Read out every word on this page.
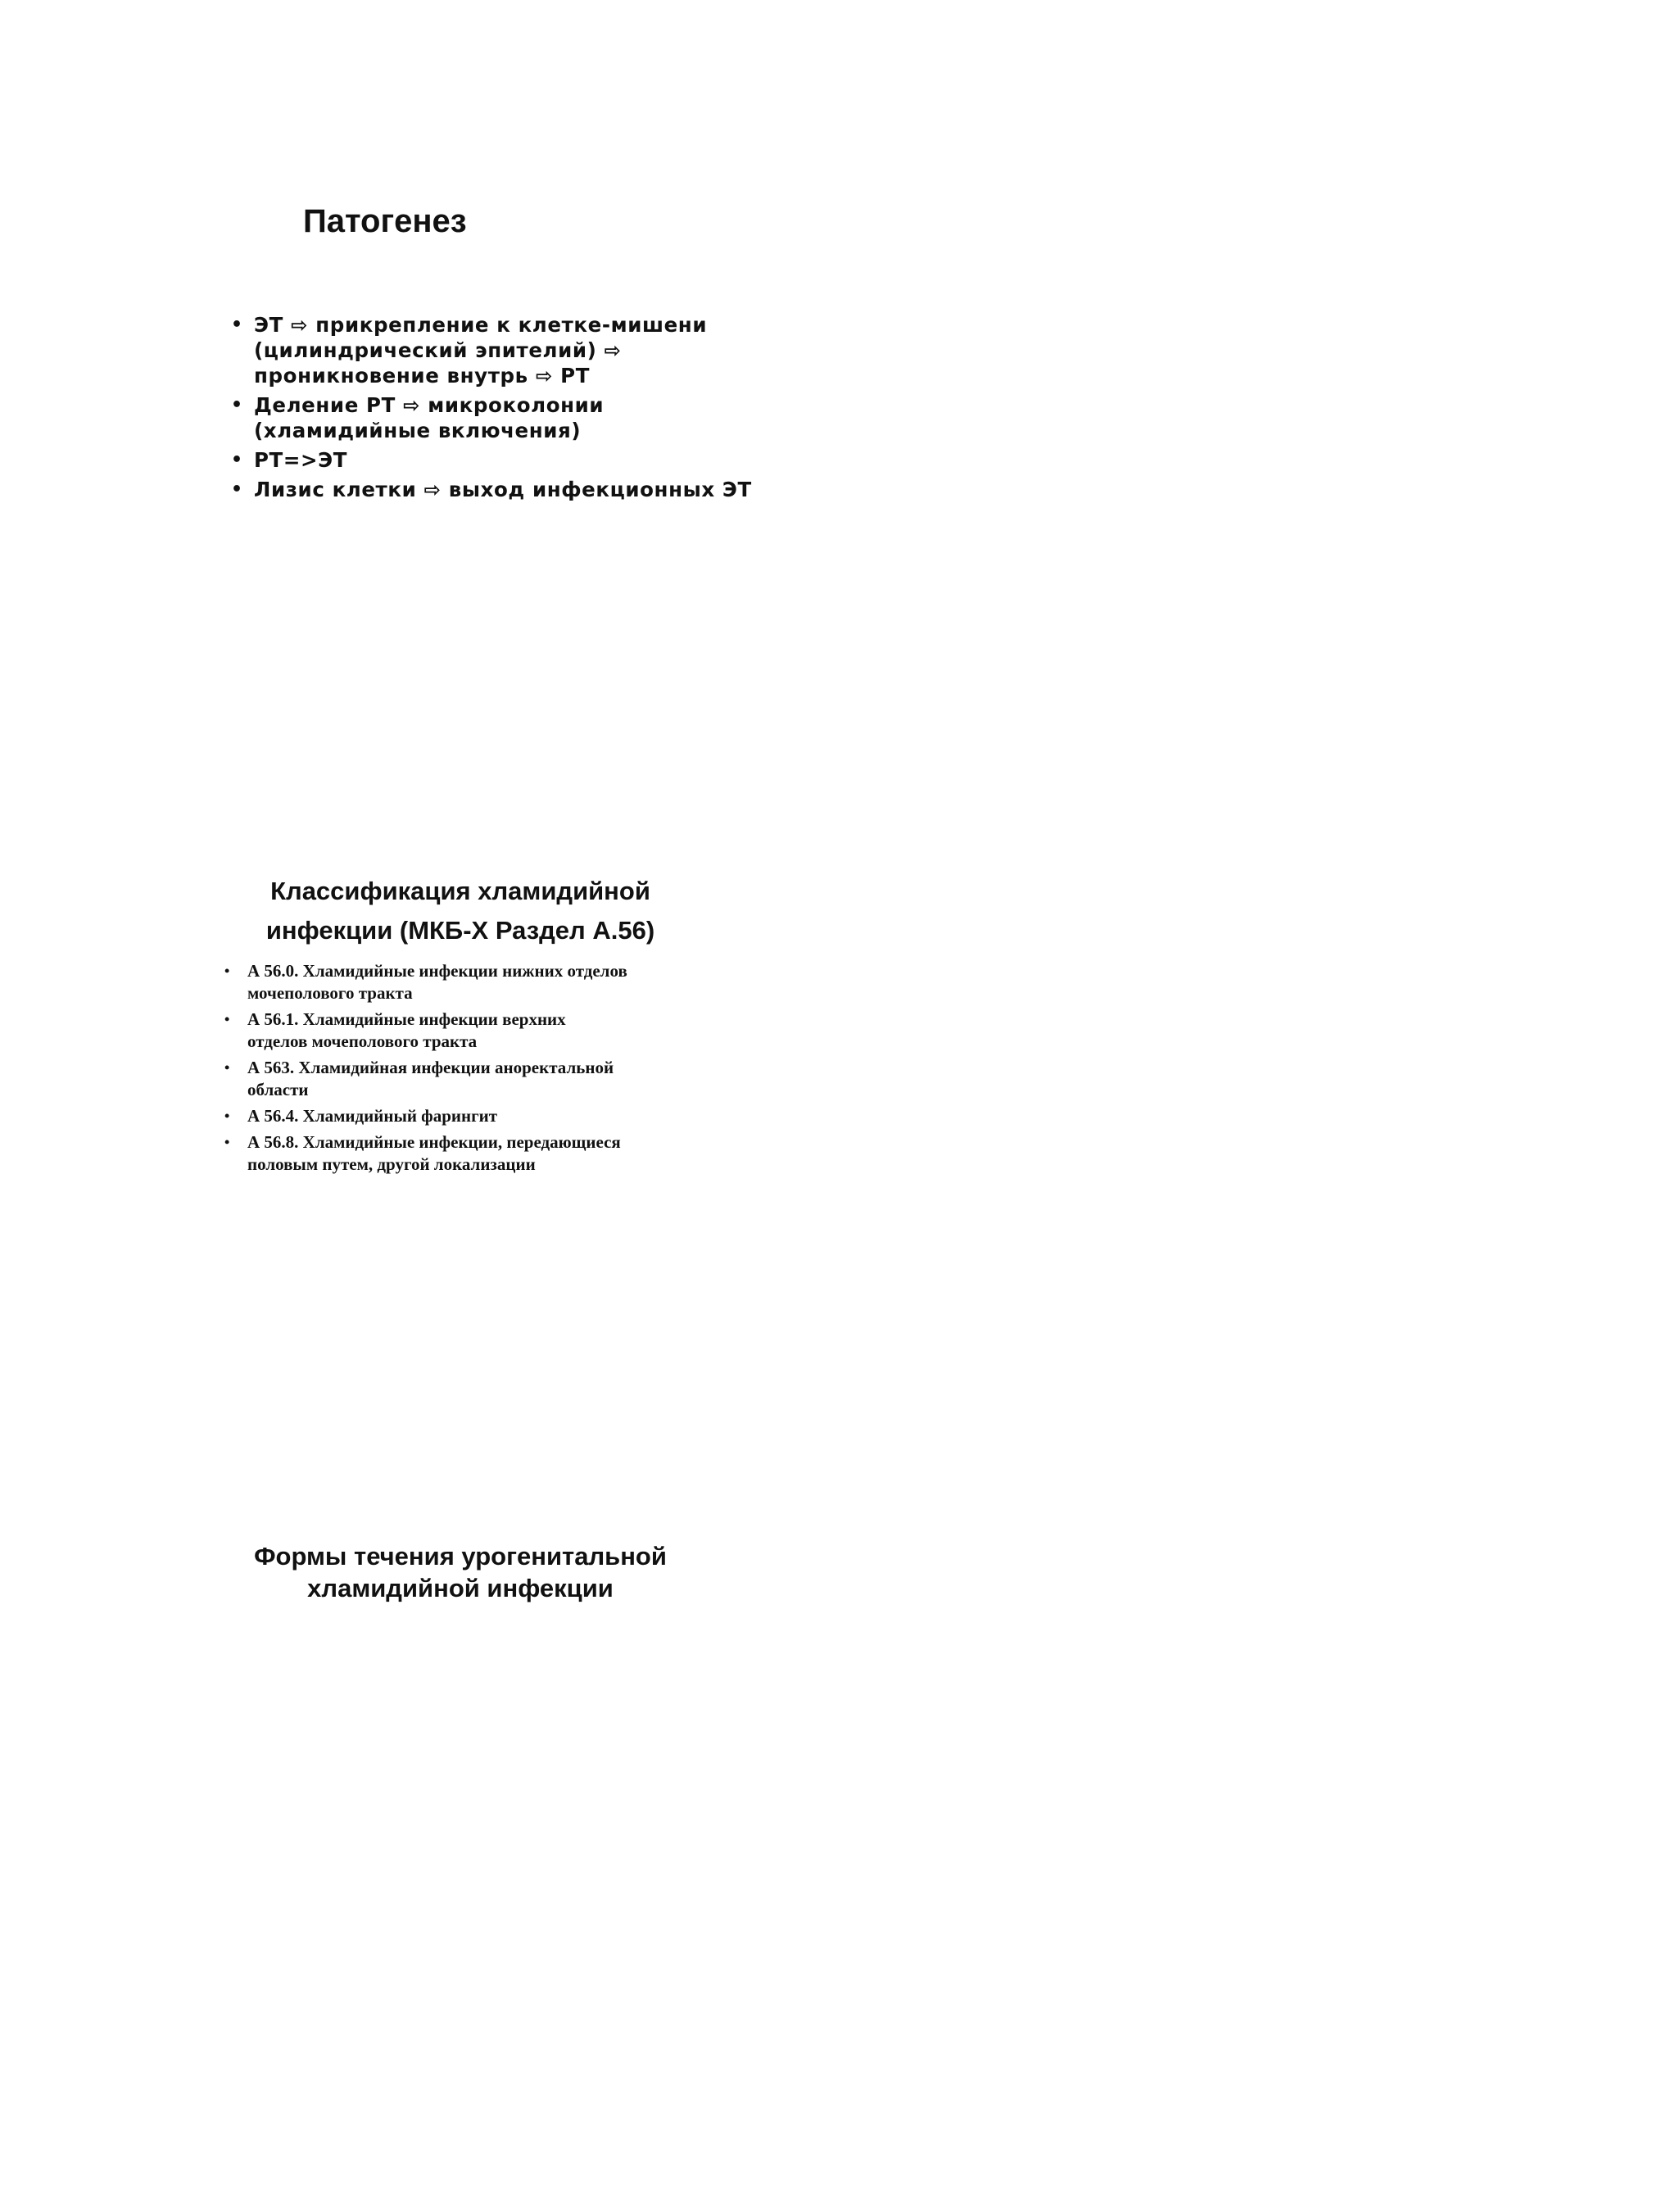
Патогенез
• ЭТ ⇨ прикрепление к клетке-мишени
(цилиндрический эпителий) ⇨
проникновение внутрь ⇨ РТ
• Деление РТ ⇨ микроколонии
(хламидийные включения)
• РТ=>ЭТ
• Лизис клетки ⇨ выход инфекционных ЭТ
Классификация хламидийной
инфекции (МКБ-Х Раздел А.56)
• А 56.0. Хламидийные инфекции нижних отделов
мочеполового тракта
• А 56.1. Хламидийные инфекции верхних
отделов мочеполового тракта
• А 563. Хламидийная инфекции аноректальной
области
• А 56.4. Хламидийный фарингит
• А 56.8. Хламидийные инфекции, передающиеся
половым путем, другой локализации
Формы течения урогенитальной
хламидийной инфекции
